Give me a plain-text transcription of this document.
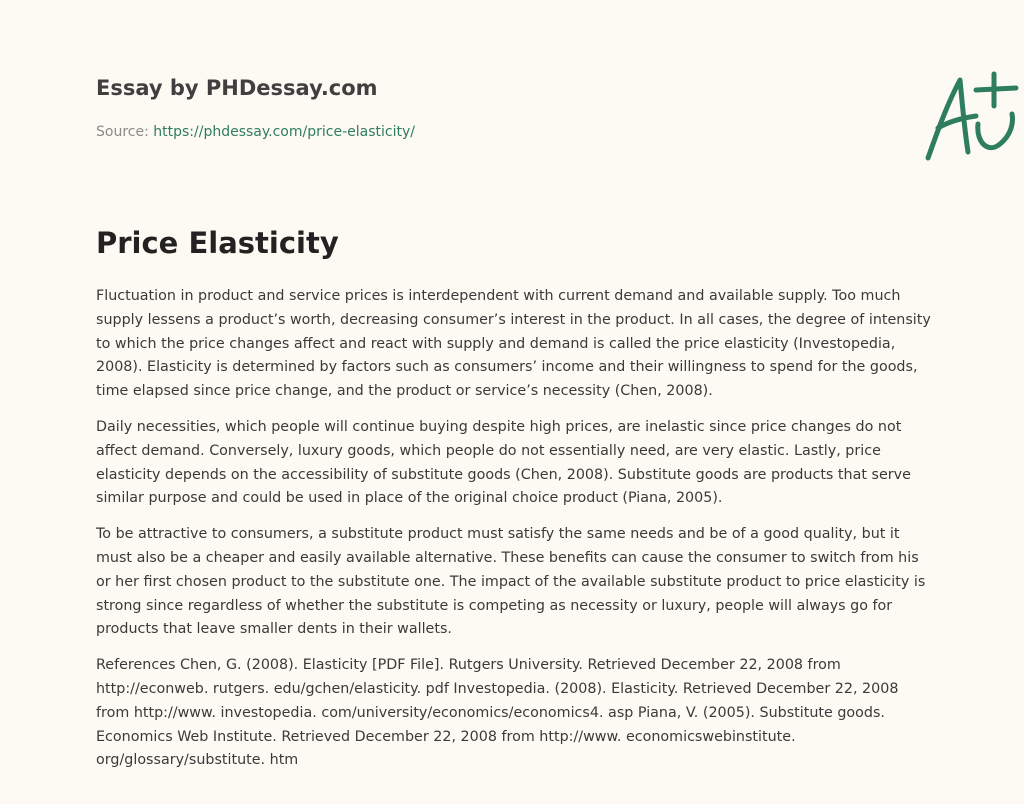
Essay by PHDessay.com
Source: https://phdessay.com/price-elasticity/
Price Elasticity

Fluctuation in product and service prices is interdependent with current demand and available supply. Too much supply lessens a product’s worth, decreasing consumer’s interest in the product. In all cases, the degree of intensity to which the price changes affect and react with supply and demand is called the price elasticity (Investopedia, 2008). Elasticity is determined by factors such as consumers’ income and their willingness to spend for the goods, time elapsed since price change, and the product or service’s necessity (Chen, 2008).

Daily necessities, which people will continue buying despite high prices, are inelastic since price changes do not affect demand. Conversely, luxury goods, which people do not essentially need, are very elastic. Lastly, price elasticity depends on the accessibility of substitute goods (Chen, 2008). Substitute goods are products that serve similar purpose and could be used in place of the original choice product (Piana, 2005).

To be attractive to consumers, a substitute product must satisfy the same needs and be of a good quality, but it must also be a cheaper and easily available alternative. These benefits can cause the consumer to switch from his or her first chosen product to the substitute one. The impact of the available substitute product to price elasticity is strong since regardless of whether the substitute is competing as necessity or luxury, people will always go for products that leave smaller dents in their wallets.

References Chen, G. (2008). Elasticity [PDF File]. Rutgers University. Retrieved December 22, 2008 from http://econweb. rutgers. edu/gchen/elasticity. pdf Investopedia. (2008). Elasticity. Retrieved December 22, 2008 from http://www. investopedia. com/university/economics/economics4. asp Piana, V. (2005). Substitute goods. Economics Web Institute. Retrieved December 22, 2008 from http://www. economicswebinstitute. org/glossary/substitute. htm
